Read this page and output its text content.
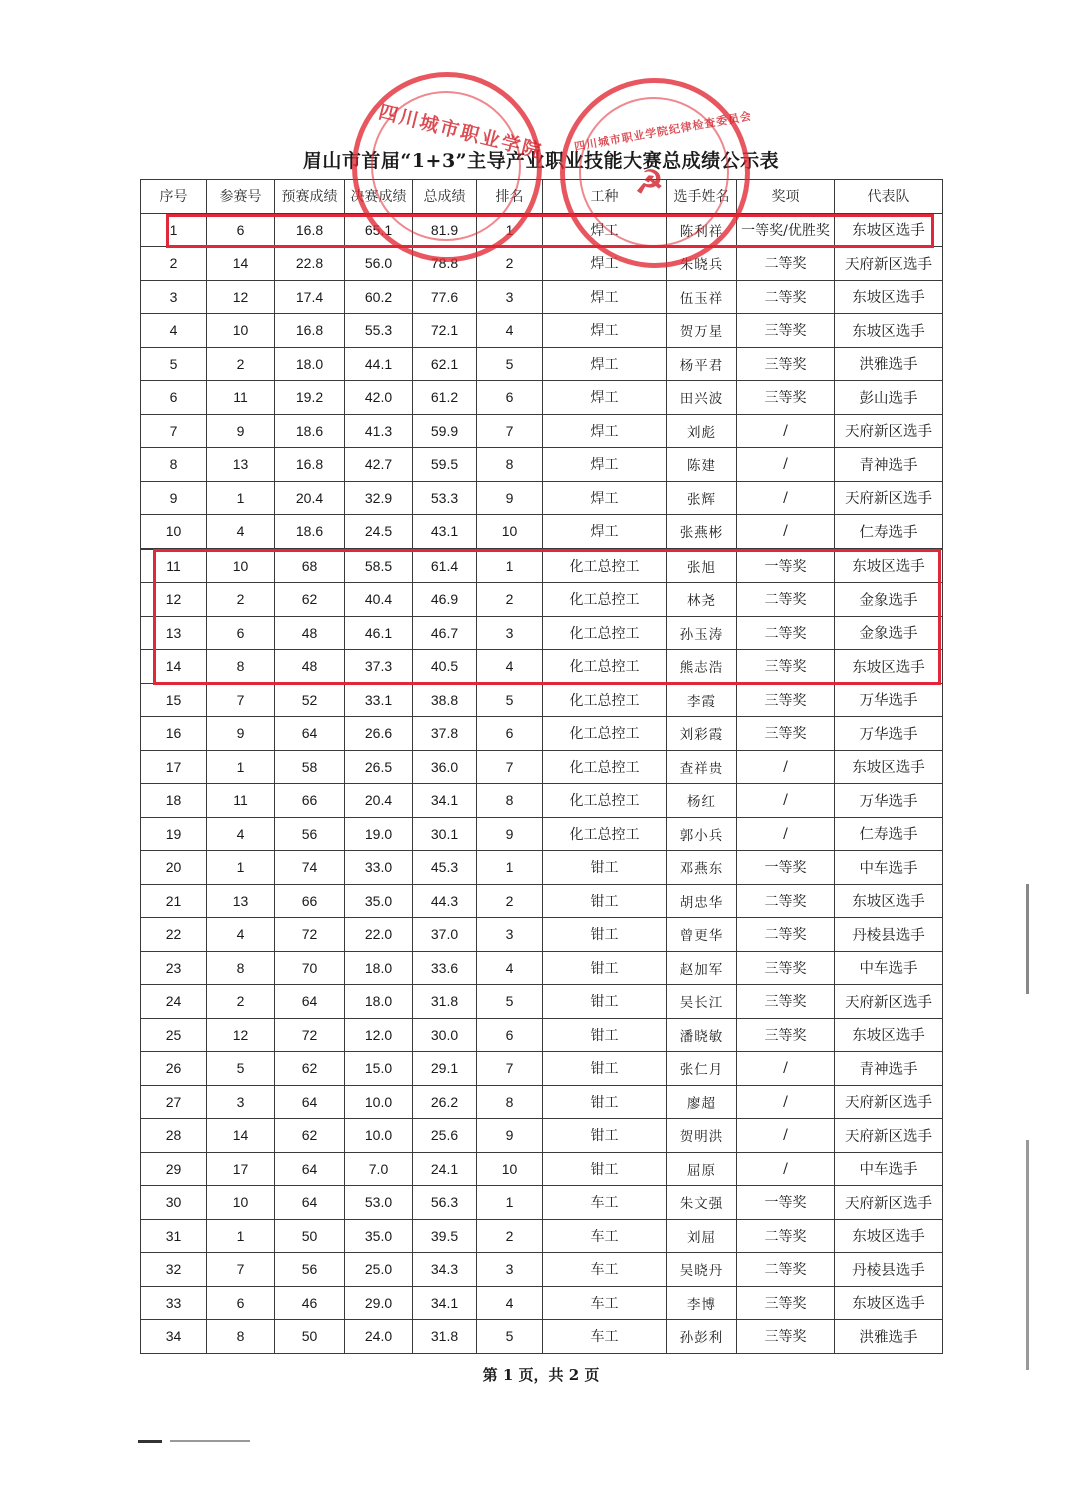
四川城市职业学院	四川城市职业学院纪律检查委员会
☭
眉山市首届“1+3”主导产业职业技能大赛总成绩公示表
序号	参赛号	预赛成绩	决赛成绩	总成绩	排名	工种	选手姓名	奖项	代表队
1	6	16.8	65.1	81.9	1	焊工	陈利祥	一等奖/优胜奖	东坡区选手
2	14	22.8	56.0	78.8	2	焊工	朱晓兵	二等奖	天府新区选手
3	12	17.4	60.2	77.6	3	焊工	伍玉祥	二等奖	东坡区选手
4	10	16.8	55.3	72.1	4	焊工	贺万星	三等奖	东坡区选手
5	2	18.0	44.1	62.1	5	焊工	杨平君	三等奖	洪雅选手
6	11	19.2	42.0	61.2	6	焊工	田兴波	三等奖	彭山选手
7	9	18.6	41.3	59.9	7	焊工	刘彪	/	天府新区选手
8	13	16.8	42.7	59.5	8	焊工	陈建	/	青神选手
9	1	20.4	32.9	53.3	9	焊工	张辉	/	天府新区选手
10	4	18.6	24.5	43.1	10	焊工	张燕彬	/	仁寿选手
11	10	68	58.5	61.4	1	化工总控工	张旭	一等奖	东坡区选手
12	2	62	40.4	46.9	2	化工总控工	林尧	二等奖	金象选手
13	6	48	46.1	46.7	3	化工总控工	孙玉涛	二等奖	金象选手
14	8	48	37.3	40.5	4	化工总控工	熊志浩	三等奖	东坡区选手
15	7	52	33.1	38.8	5	化工总控工	李霞	三等奖	万华选手
16	9	64	26.6	37.8	6	化工总控工	刘彩霞	三等奖	万华选手
17	1	58	26.5	36.0	7	化工总控工	查祥贵	/	东坡区选手
18	11	66	20.4	34.1	8	化工总控工	杨红	/	万华选手
19	4	56	19.0	30.1	9	化工总控工	郭小兵	/	仁寿选手
20	1	74	33.0	45.3	1	钳工	邓燕东	一等奖	中车选手
21	13	66	35.0	44.3	2	钳工	胡忠华	二等奖	东坡区选手
22	4	72	22.0	37.0	3	钳工	曾更华	二等奖	丹棱县选手
23	8	70	18.0	33.6	4	钳工	赵加军	三等奖	中车选手
24	2	64	18.0	31.8	5	钳工	吴长江	三等奖	天府新区选手
25	12	72	12.0	30.0	6	钳工	潘晓敏	三等奖	东坡区选手
26	5	62	15.0	29.1	7	钳工	张仁月	/	青神选手
27	3	64	10.0	26.2	8	钳工	廖超	/	天府新区选手
28	14	62	10.0	25.6	9	钳工	贺明洪	/	天府新区选手
29	17	64	7.0	24.1	10	钳工	屈原	/	中车选手
30	10	64	53.0	56.3	1	车工	朱文强	一等奖	天府新区选手
31	1	50	35.0	39.5	2	车工	刘屈	二等奖	东坡区选手
32	7	56	25.0	34.3	3	车工	吴晓丹	二等奖	丹棱县选手
33	6	46	29.0	34.1	4	车工	李博	三等奖	东坡区选手
34	8	50	24.0	31.8	5	车工	孙彭利	三等奖	洪雅选手
第 1 页，共 2 页
